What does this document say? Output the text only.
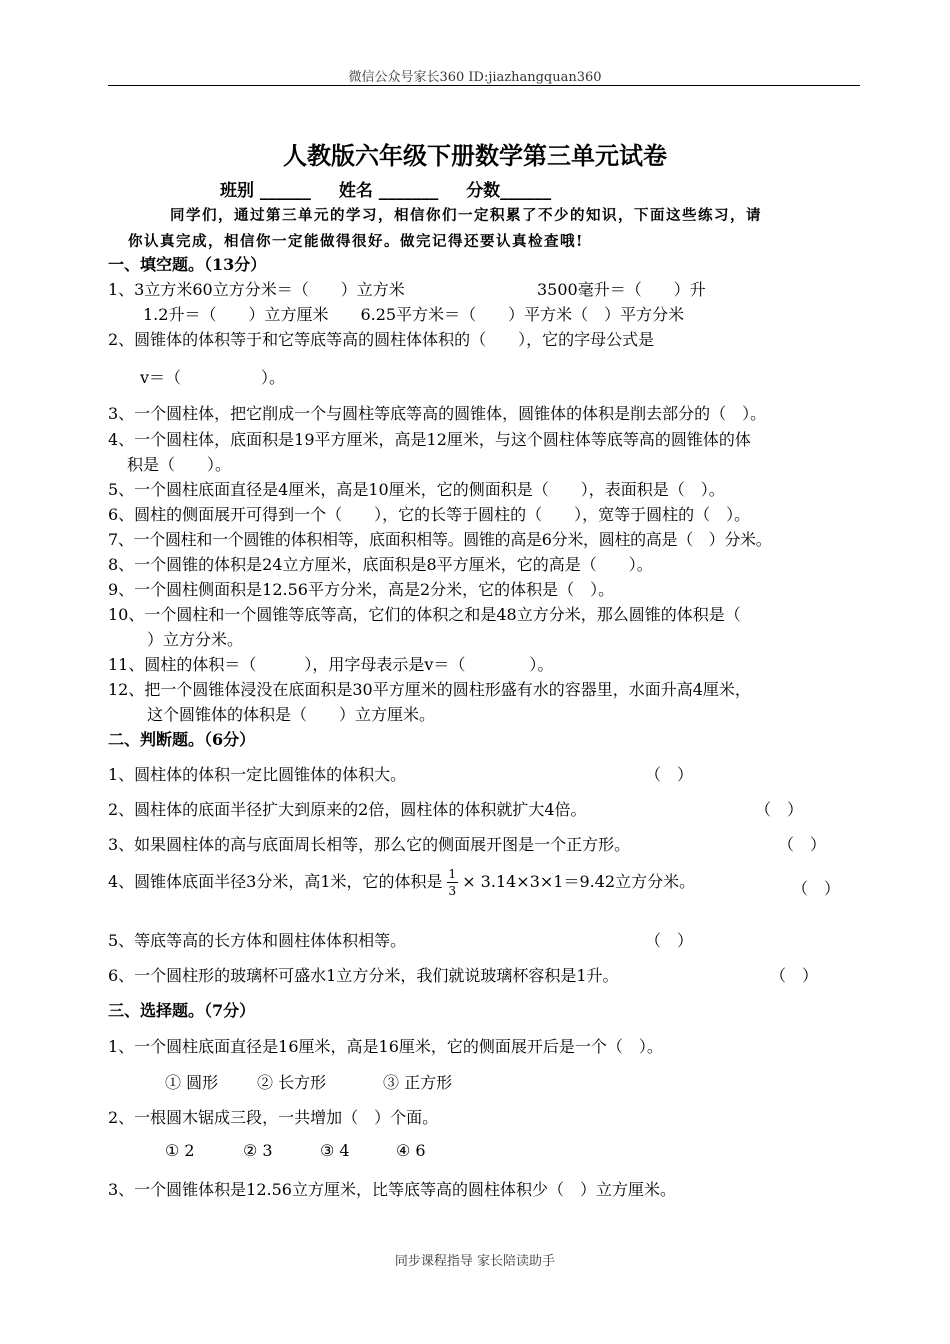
微信公众号家长360 ID:jiazhangquan360
人教版六年级下册数学第三单元试卷
班别 ______ 姓名 _______ 分数______
同学们，通过第三单元的学习，相信你们一定积累了不少的知识，下面这些练习，请
你认真完成，相信你一定能做得很好。做完记得还要认真检查哦!
一、填空题。（13分）
1、3立方米60立方分米＝（　　）立方米	3500毫升＝（　　）升
1.2升＝（　　）立方厘米　　6.25平方米＝（　　）平方米（　）平方分米
2、圆锥体的体积等于和它等底等高的圆柱体体积的（　　），它的字母公式是
v＝（　　　　　）。
3、一个圆柱体，把它削成一个与圆柱等底等高的圆锥体，圆锥体的体积是削去部分的（　）。
4、一个圆柱体，底面积是19平方厘米，高是12厘米，与这个圆柱体等底等高的圆锥体的体
积是（　　）。
5、一个圆柱底面直径是4厘米，高是10厘米，它的侧面积是（　　），表面积是（　）。
6、圆柱的侧面展开可得到一个（　　），它的长等于圆柱的（　　），宽等于圆柱的（　）。
7、一个圆柱和一个圆锥的体积相等，底面积相等。圆锥的高是6分米，圆柱的高是（　）分米。
8、一个圆锥的体积是24立方厘米，底面积是8平方厘米，它的高是（　　）。
9、一个圆柱侧面积是12.56平方分米，高是2分米，它的体积是（　）。
10、一个圆柱和一个圆锥等底等高，它们的体积之和是48立方分米，那么圆锥的体积是（
）立方分米。
11、圆柱的体积＝（　　　），用字母表示是v＝（　　　　）。
12、把一个圆锥体浸没在底面积是30平方厘米的圆柱形盛有水的容器里，水面升高4厘米，
这个圆锥体的体积是（　　）立方厘米。
二、判断题。（6分）
1、圆柱体的体积一定比圆锥体的体积大。	（　）
2、圆柱体的底面半径扩大到原来的2倍，圆柱体的体积就扩大4倍。	（　）
3、如果圆柱体的高与底面周长相等，那么它的侧面展开图是一个正方形。	（　）
4、圆锥体底面半径3分米，高1米，它的体积是 $\frac{1}{3} \times 3.14\times 3\times 1=9.42$立方分米。	（　）
5、等底等高的长方体和圆柱体体积相等。	（　）
6、一个圆柱形的玻璃杯可盛水1立方分米，我们就说玻璃杯容积是1升。	（　）
三、选择题。（7分）
1、一个圆柱底面直径是16厘米，高是16厘米，它的侧面展开后是一个（　）。
① 圆形 ② 长方形	③ 正方形
2、一根圆木锯成三段，一共增加（　）个面。
① 2	② 3	③ 4	④ 6
3、一个圆锥体积是12.56立方厘米，比等底等高的圆柱体积少（　）立方厘米。
同步课程指导 家长陪读助手
